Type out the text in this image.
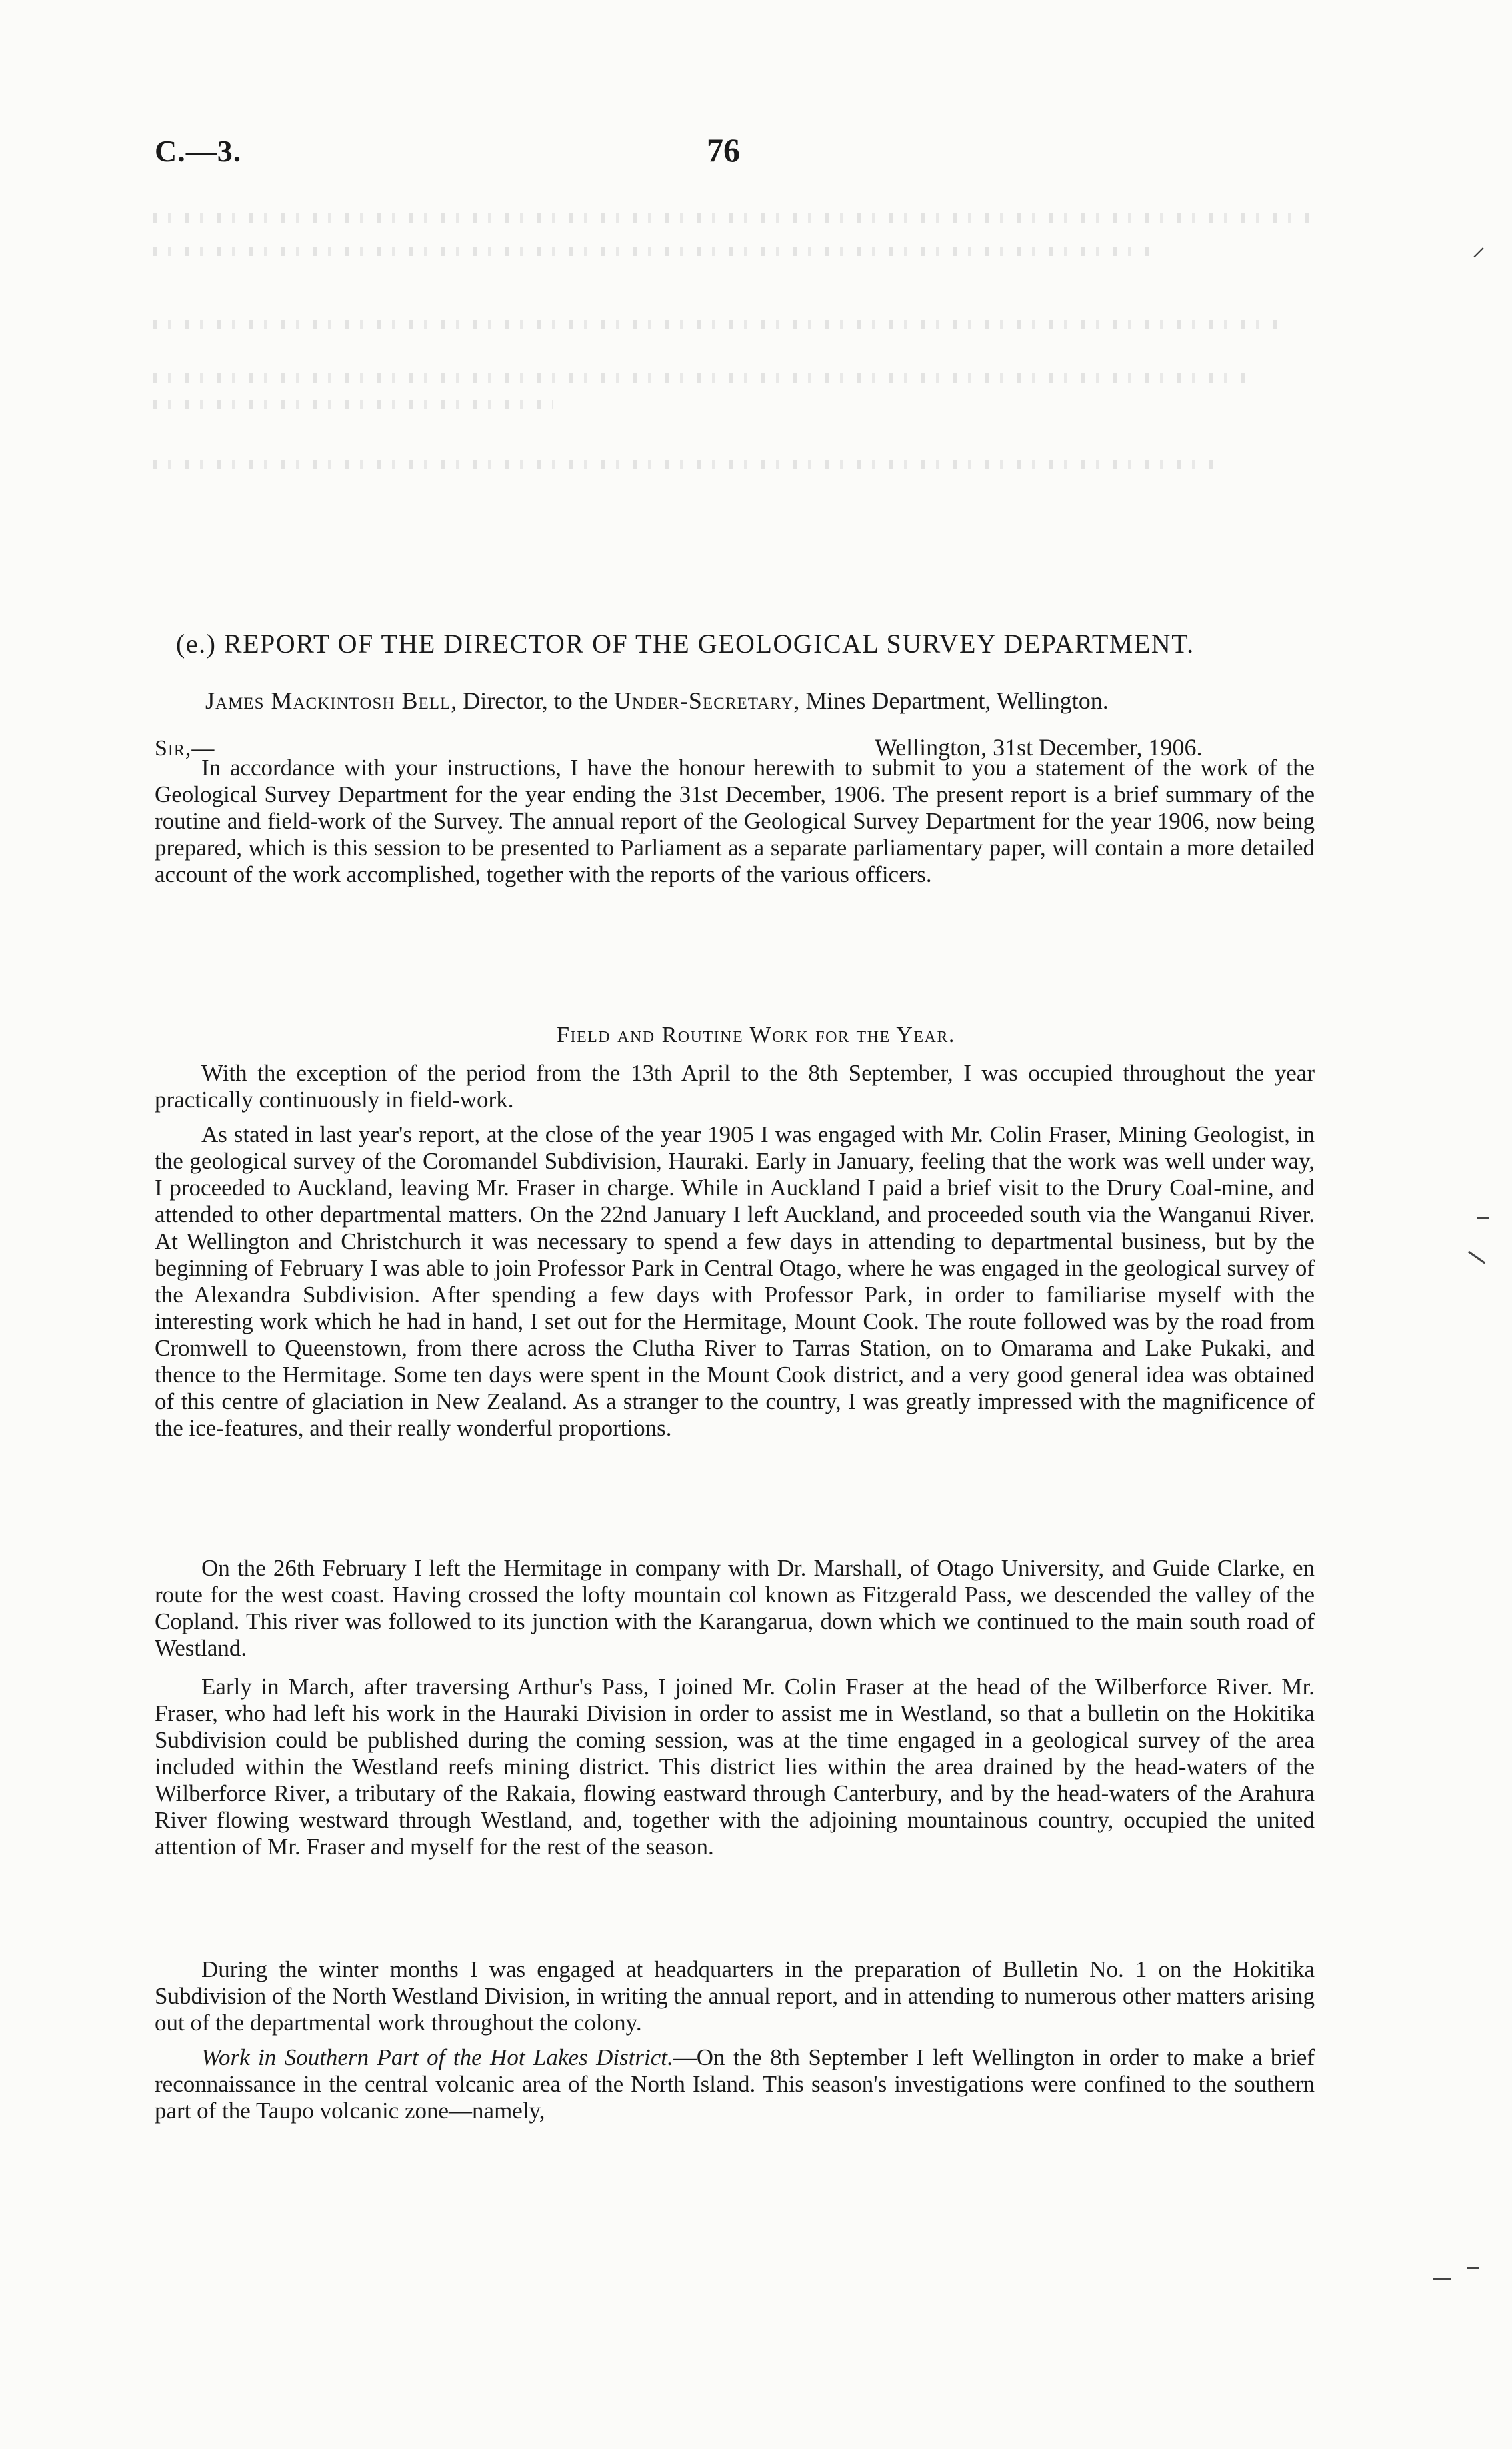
C.—3.	76
(e.) REPORT OF THE DIRECTOR OF THE GEOLOGICAL SURVEY DEPARTMENT.
James Mackintosh Bell, Director, to the Under-Secretary, Mines Department, Wellington.
Sir,—	Wellington, 31st December, 1906.

In accordance with your instructions, I have the honour herewith to submit to you a statement of the work of the Geological Survey Department for the year ending the 31st December, 1906. The present report is a brief summary of the routine and field-work of the Survey. The annual report of the Geological Survey Department for the year 1906, now being prepared, which is this session to be presented to Parliament as a separate parliamentary paper, will contain a more detailed account of the work accomplished, together with the reports of the various officers.

Field and Routine Work for the Year.

With the exception of the period from the 13th April to the 8th September, I was occupied throughout the year practically continuously in field-work.

As stated in last year's report, at the close of the year 1905 I was engaged with Mr. Colin Fraser, Mining Geologist, in the geological survey of the Coromandel Subdivision, Hauraki. Early in January, feeling that the work was well under way, I proceeded to Auckland, leaving Mr. Fraser in charge. While in Auckland I paid a brief visit to the Drury Coal-mine, and attended to other departmental matters. On the 22nd January I left Auckland, and proceeded south via the Wanganui River. At Wellington and Christchurch it was necessary to spend a few days in attending to departmental business, but by the beginning of February I was able to join Professor Park in Central Otago, where he was engaged in the geological survey of the Alexandra Subdivision. After spending a few days with Professor Park, in order to familiarise myself with the interesting work which he had in hand, I set out for the Hermitage, Mount Cook. The route followed was by the road from Cromwell to Queenstown, from there across the Clutha River to Tarras Station, on to Omarama and Lake Pukaki, and thence to the Hermitage. Some ten days were spent in the Mount Cook district, and a very good general idea was obtained of this centre of glaciation in New Zealand. As a stranger to the country, I was greatly impressed with the magnificence of the ice-features, and their really wonderful proportions.

On the 26th February I left the Hermitage in company with Dr. Marshall, of Otago University, and Guide Clarke, en route for the west coast. Having crossed the lofty mountain col known as Fitzgerald Pass, we descended the valley of the Copland. This river was followed to its junction with the Karangarua, down which we continued to the main south road of Westland.

Early in March, after traversing Arthur's Pass, I joined Mr. Colin Fraser at the head of the Wilberforce River. Mr. Fraser, who had left his work in the Hauraki Division in order to assist me in Westland, so that a bulletin on the Hokitika Subdivision could be published during the coming session, was at the time engaged in a geological survey of the area included within the Westland reefs mining district. This district lies within the area drained by the head-waters of the Wilberforce River, a tributary of the Rakaia, flowing eastward through Canterbury, and by the head-waters of the Arahura River flowing westward through Westland, and, together with the adjoining mountainous country, occupied the united attention of Mr. Fraser and myself for the rest of the season.

During the winter months I was engaged at headquarters in the preparation of Bulletin No. 1 on the Hokitika Subdivision of the North Westland Division, in writing the annual report, and in attending to numerous other matters arising out of the departmental work throughout the colony.

Work in Southern Part of the Hot Lakes District.—On the 8th September I left Wellington in order to make a brief reconnaissance in the central volcanic area of the North Island. This season's investigations were confined to the southern part of the Taupo volcanic zone—namely,

⸝
